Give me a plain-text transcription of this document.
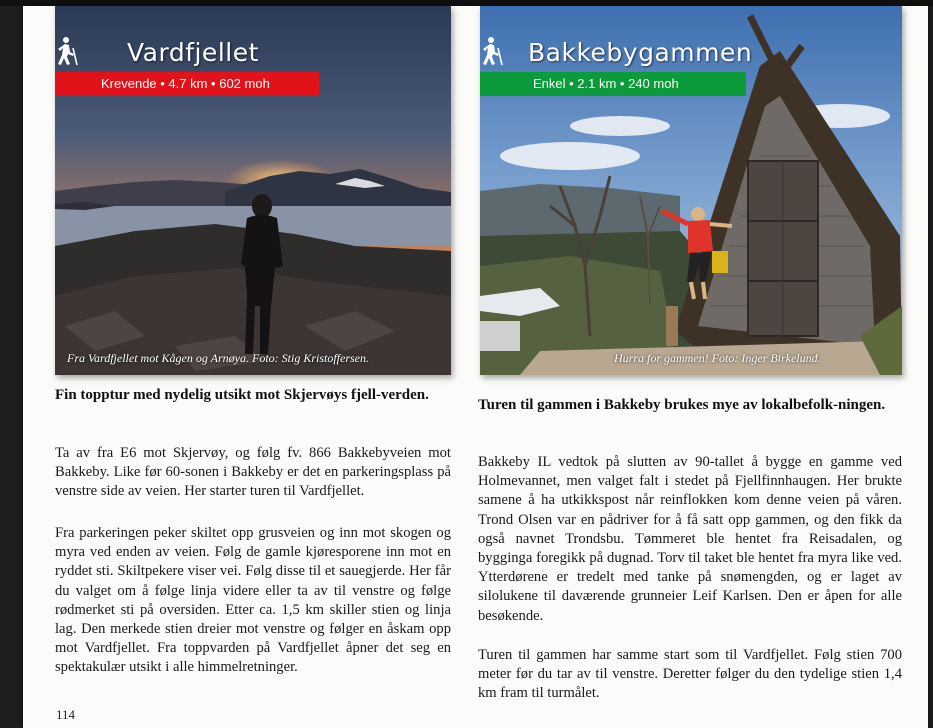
Vardfjellet
Krevende • 4.7 km • 602 moh
Fra Vardfjellet mot Kågen og Arnøya. Foto: Stig Kristoffersen.
Bakkebygammen
Enkel • 2.1 km • 240 moh
Hurra for gammen! Foto: Inger Birkelund.
Fin topptur med nydelig utsikt mot Skjervøys fjell-verden.
Ta av fra E6 mot Skjervøy, og følg fv. 866 Bakkebyveien mot Bakkeby. Like før 60-sonen i Bakkeby er det en parkeringsplass på venstre side av veien. Her starter turen til Vardfjellet.
Fra parkeringen peker skiltet opp grusveien og inn mot skogen og myra ved enden av veien. Følg de gamle kjøresporene inn mot en ryddet sti. Skiltpekere viser vei. Følg disse til et sauegjerde. Her får du valget om å følge linja videre eller ta av til venstre og følge rødmerket sti på oversiden. Etter ca. 1,5 km skiller stien og linja lag. Den merkede stien dreier mot venstre og følger en åskam opp mot Vardfjellet. Fra toppvarden på Vardfjellet åpner det seg en spektakulær utsikt i alle himmelretninger.
Turen til gammen i Bakkeby brukes mye av lokalbefolk-ningen.
Bakkeby IL vedtok på slutten av 90-tallet å bygge en gamme ved Holmevannet, men valget falt i stedet på Fjellfinnhaugen. Her brukte samene å ha utkikkspost når reinflokken kom denne veien på våren. Trond Olsen var en pådriver for å få satt opp gammen, og den fikk da også navnet Trondsbu. Tømmeret ble hentet fra Reisadalen, og bygginga foregikk på dugnad. Torv til taket ble hentet fra myra like ved. Ytterdørene er tredelt med tanke på snømengden, og er laget av silolukene til daværende grunneier Leif Karlsen. Den er åpen for alle besøkende.
Turen til gammen har samme start som til Vardfjellet. Følg stien 700 meter før du tar av til venstre. Deretter følger du den tydelige stien 1,4 km fram til turmålet.
114
